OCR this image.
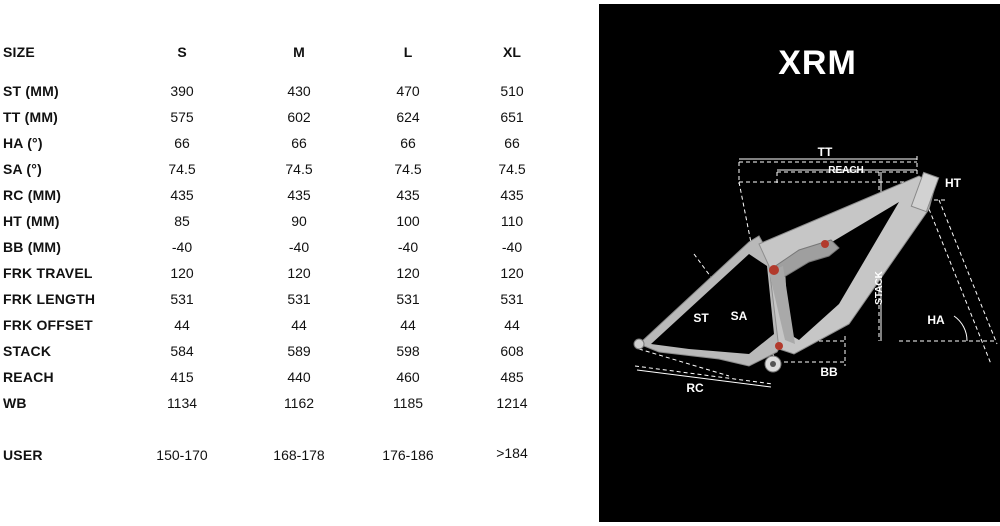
SIZE	S	M	L	XL
ST (MM)	390	430	470	510
TT (MM)	575	602	624	651
HA (°)	66	66	66	66
SA (°)	74.5	74.5	74.5	74.5
RC (MM)	435	435	435	435
HT (MM)	85	90	100	110
BB (MM)	-40	-40	-40	-40
FRK TRAVEL	120	120	120	120
FRK LENGTH	531	531	531	531
FRK OFFSET	44	44	44	44
STACK	584	589	598	608
REACH	415	440	460	485
WB	1134	1162	1185	1214
USER	150-170	168-178	176-186	>184
XRM
TT
REACH
HT
ST SA
STACK
HA
RC
BB
